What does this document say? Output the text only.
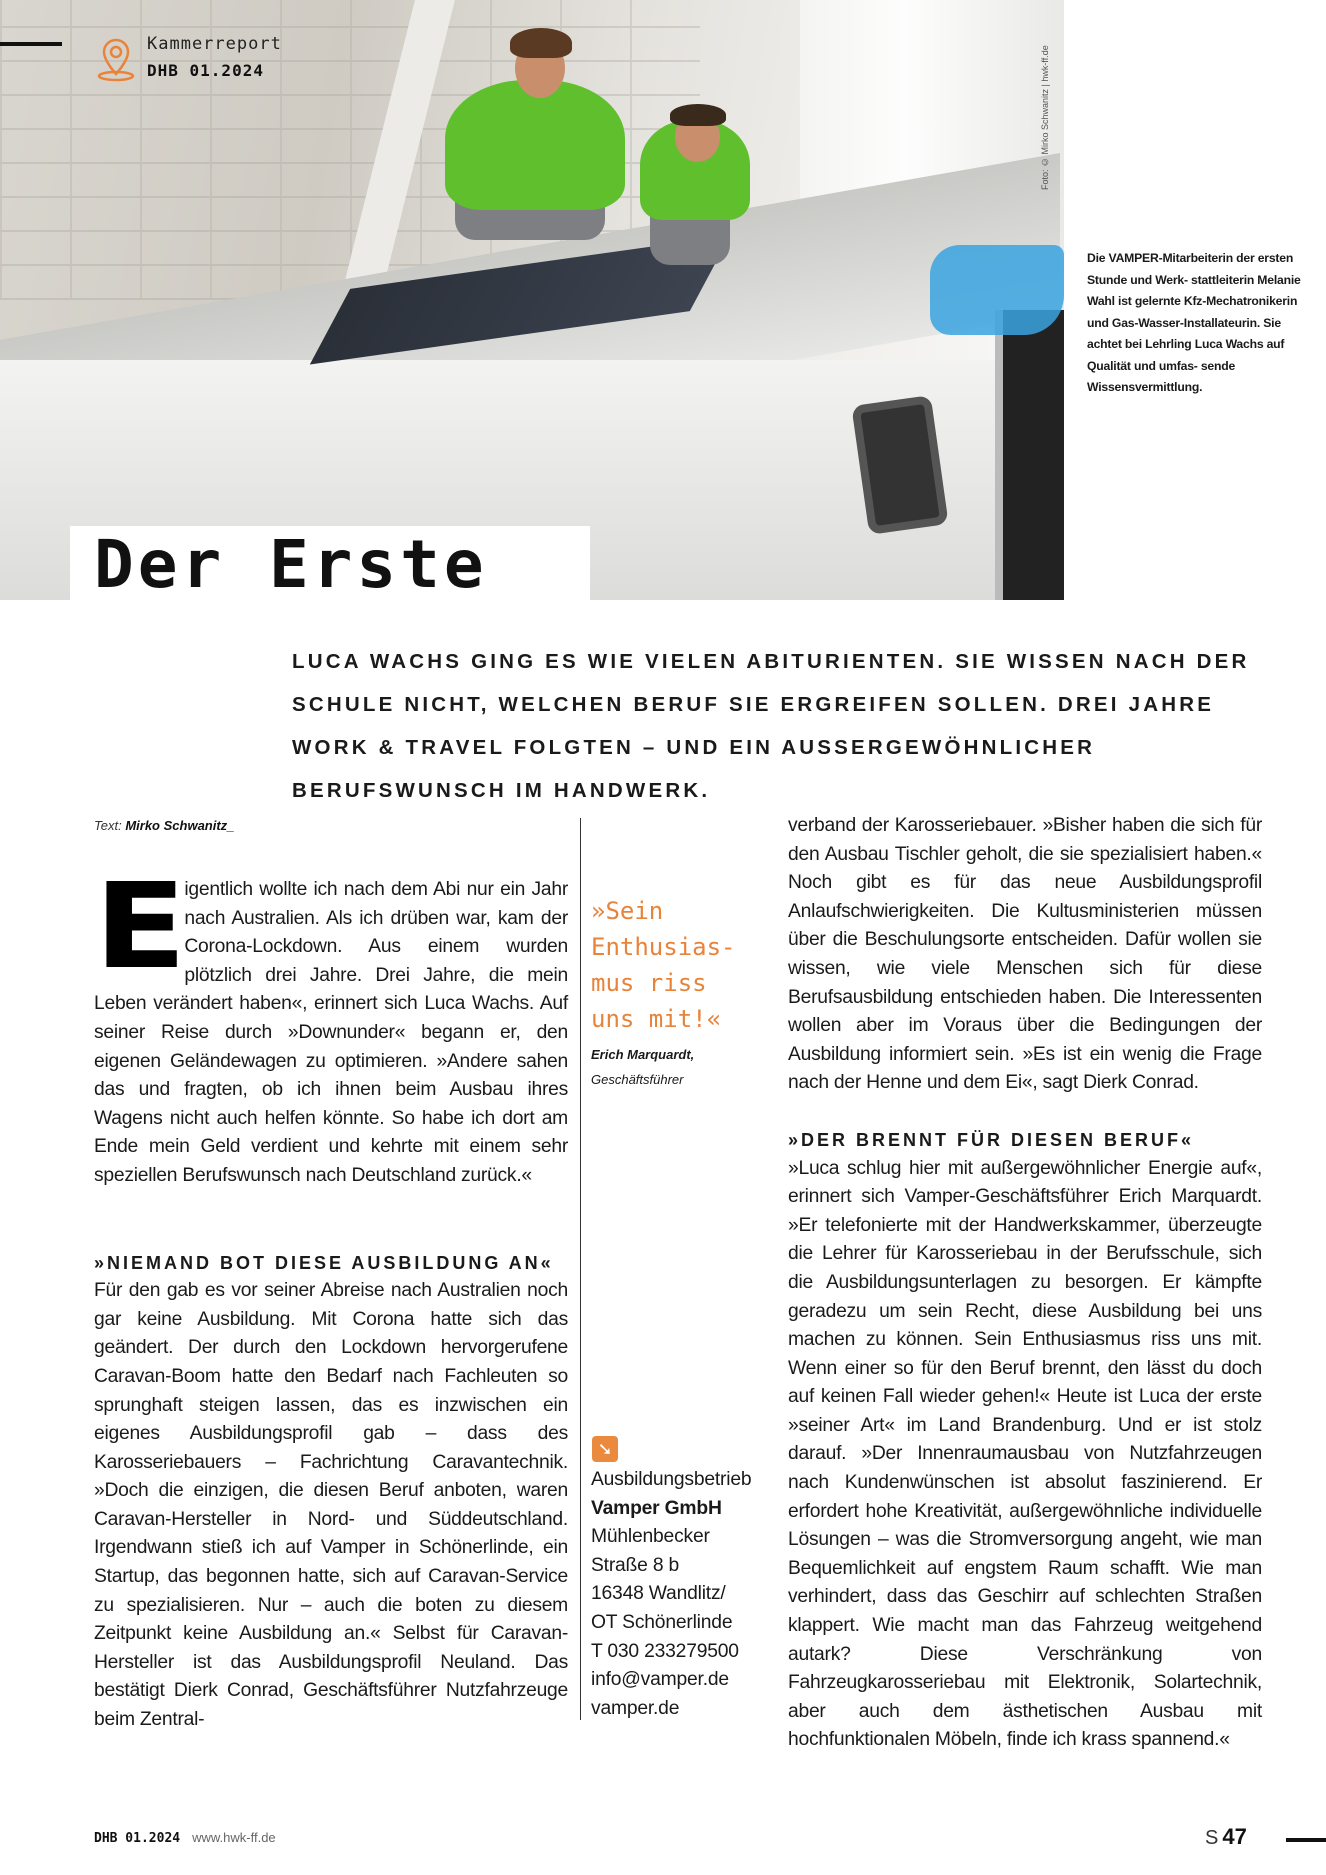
Foto: © Mirko Schwanitz | hwk-ff.de
Kammerreport
DHB 01.2024
Die VAMPER-Mitarbeiterin der ersten Stunde und Werk- stattleiterin Melanie Wahl ist gelernte Kfz-Mechatronikerin und Gas-Wasser-Installateurin. Sie achtet bei Lehrling Luca Wachs auf Qualität und umfas- sende Wissensvermittlung.
Der Erste

LUCA WACHS GING ES WIE VIELEN ABITURIENTEN. SIE WISSEN NACH DER SCHULE NICHT, WELCHEN BERUF SIE ERGREIFEN SOLLEN. DREI JAHRE WORK & TRAVEL FOLGTEN – UND EIN AUSSERGEWÖHNLICHER BERUFSWUNSCH IM HANDWERK.

Text: Mirko Schwanitz_
E

igentlich wollte ich nach dem Abi nur ein Jahr nach Australien. Als ich drüben war, kam der Corona-Lockdown. Aus einem wurden plötzlich drei Jahre. Drei Jahre, die mein Leben verändert haben«, erinnert sich Luca Wachs. Auf seiner Reise durch »Downunder« begann er, den eigenen Geländewagen zu optimieren. »Andere sahen das und fragten, ob ich ihnen beim Ausbau ihres Wagens nicht auch helfen könnte. So habe ich dort am Ende mein Geld verdient und kehrte mit einem sehr speziellen Berufswunsch nach Deutschland zurück.«

»NIEMAND BOT DIESE AUSBILDUNG AN«

Für den gab es vor seiner Abreise nach Australien noch gar keine Ausbildung. Mit Corona hatte sich das geändert. Der durch den Lockdown hervorgerufene Caravan-Boom hatte den Bedarf nach Fachleuten so sprunghaft steigen lassen, das es inzwischen ein eigenes Ausbildungsprofil gab – dass des Karosseriebauers – Fachrichtung Caravantechnik. »Doch die einzigen, die diesen Beruf anboten, waren Caravan-Hersteller in Nord- und Süddeutschland. Irgendwann stieß ich auf Vamper in Schönerlinde, ein Startup, das begonnen hatte, sich auf Caravan-Service zu spezialisieren. Nur – auch die boten zu diesem Zeitpunkt keine Ausbildung an.« Selbst für Caravan-Hersteller ist das Ausbildungsprofil Neuland. Das bestätigt Dierk Conrad, Geschäftsführer Nutzfahrzeuge beim Zentral-

»Sein
Enthusias-
mus riss
uns mit!«
Erich Marquardt,
Geschäftsführer
➘
Ausbildungsbetrieb
Vamper GmbH
Mühlenbecker
Straße 8 b
16348 Wandlitz/
OT Schönerlinde
T 030 233279500
info@vamper.de
vamper.de

verband der Karosseriebauer. »Bisher haben die sich für den Ausbau Tischler geholt, die sie spezialisiert haben.« Noch gibt es für das neue Ausbildungsprofil Anlaufschwierigkeiten. Die Kultusministerien müssen über die Beschulungsorte entscheiden. Dafür wollen sie wissen, wie viele Menschen sich für diese Berufsausbildung entschieden haben. Die Interessenten wollen aber im Voraus über die Bedingungen der Ausbildung informiert sein. »Es ist ein wenig die Frage nach der Henne und dem Ei«, sagt Dierk Conrad.

»DER BRENNT FÜR DIESEN BERUF«

»Luca schlug hier mit außergewöhnlicher Energie auf«, erinnert sich Vamper-Geschäftsführer Erich Marquardt. »Er telefonierte mit der Handwerkskammer, überzeugte die Lehrer für Karosseriebau in der Berufsschule, sich die Ausbildungsunterlagen zu besorgen. Er kämpfte geradezu um sein Recht, diese Ausbildung bei uns machen zu können. Sein Enthusiasmus riss uns mit. Wenn einer so für den Beruf brennt, den lässt du doch auf keinen Fall wieder gehen!« Heute ist Luca der erste »seiner Art« im Land Brandenburg. Und er ist stolz darauf. »Der Innenraumausbau von Nutzfahrzeugen nach Kundenwünschen ist absolut faszinierend. Er erfordert hohe Kreativität, außergewöhnliche individuelle Lösungen – was die Stromversorgung angeht, wie man Bequemlichkeit auf engstem Raum schafft. Wie man verhindert, dass das Geschirr auf schlechten Straßen klappert. Wie macht man das Fahrzeug weitgehend autark? Diese Verschränkung von Fahrzeugkarosseriebau mit Elektronik, Solartechnik, aber auch dem ästhetischen Ausbau mit hochfunktionalen Möbeln, finde ich krass spannend.«

DHB 01.2024 www.hwk-ff.de	S 47
